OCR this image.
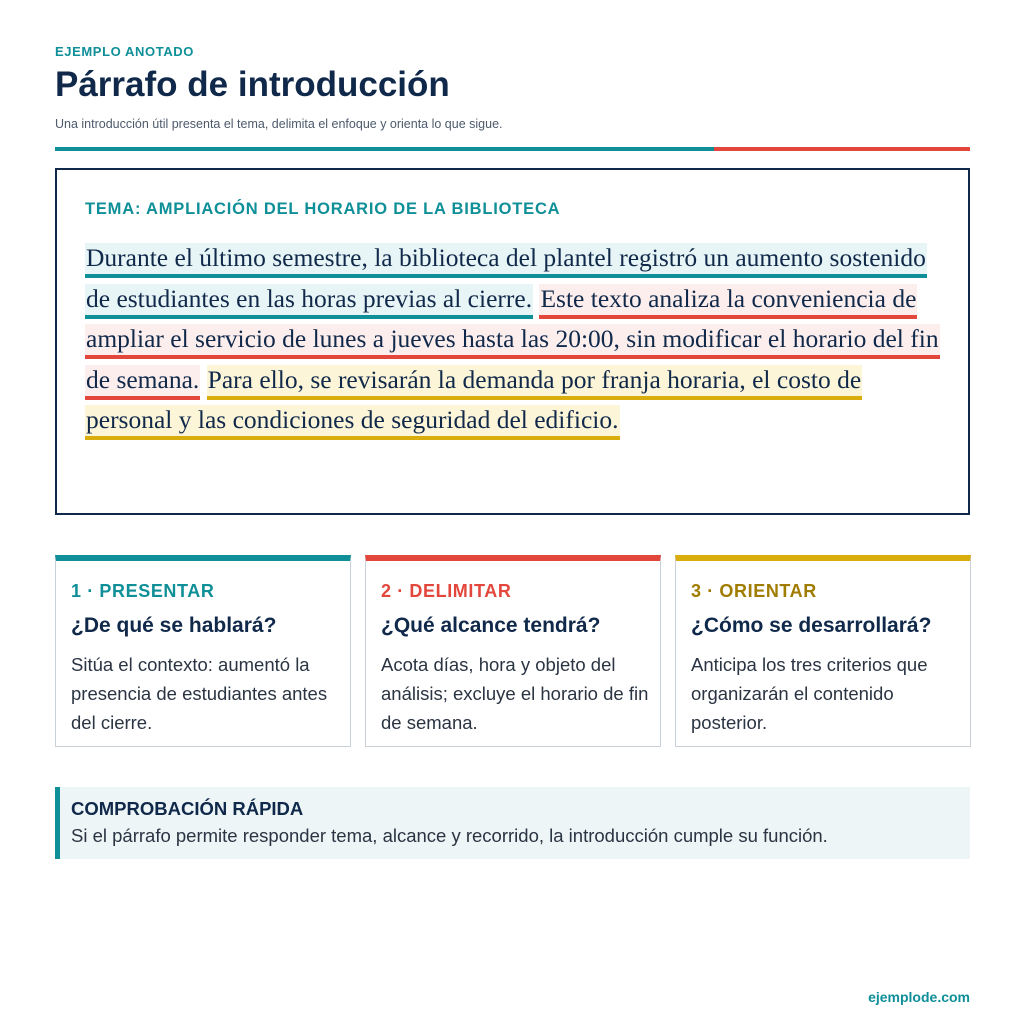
EJEMPLO ANOTADO
Párrafo de introducción
Una introducción útil presenta el tema, delimita el enfoque y orienta lo que sigue.
TEMA: AMPLIACIÓN DEL HORARIO DE LA BIBLIOTECA

Durante el último semestre, la biblioteca del plantel registró un aumento sostenido de estudiantes en las horas previas al cierre. Este texto analiza la conveniencia de ampliar el servicio de lunes a jueves hasta las 20:00, sin modificar el horario del fin de semana. Para ello, se revisarán la demanda por franja horaria, el costo de personal y las condiciones de seguridad del edificio.

1 · PRESENTAR
¿De qué se hablará?
Sitúa el contexto: aumentó la presencia de estudiantes antes del cierre.
2 · DELIMITAR
¿Qué alcance tendrá?
Acota días, hora y objeto del análisis; excluye el horario de fin de semana.
3 · ORIENTAR
¿Cómo se desarrollará?
Anticipa los tres criterios que organizarán el contenido posterior.
COMPROBACIÓN RÁPIDA
Si el párrafo permite responder tema, alcance y recorrido, la introducción cumple su función.
ejemplode.com
